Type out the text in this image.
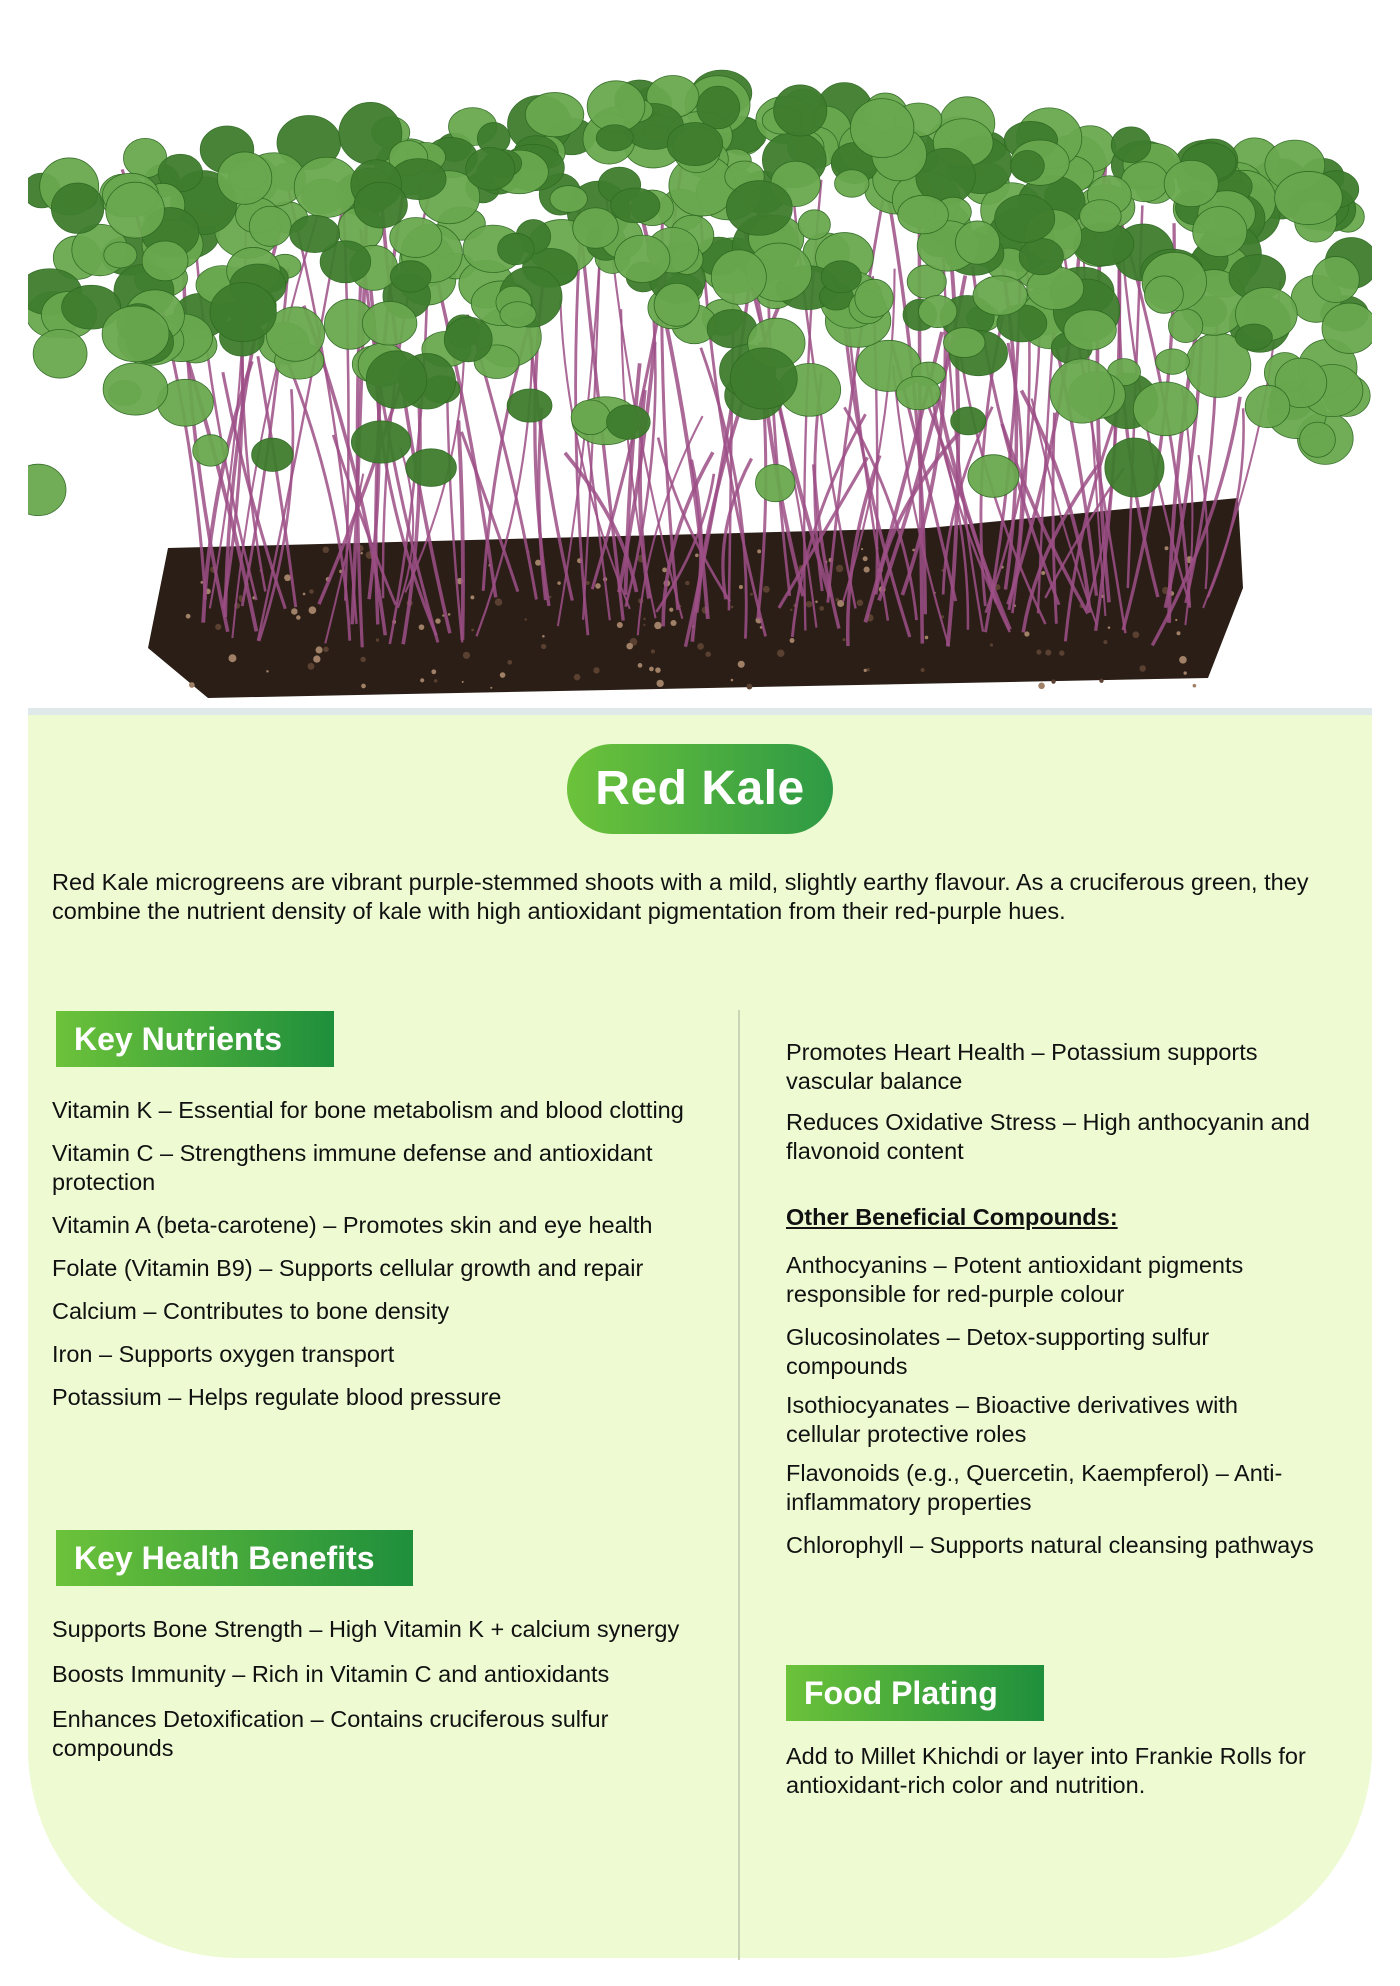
Red Kale

Red Kale microgreens are vibrant purple-stemmed shoots with a mild, slightly earthy flavour. As a cruciferous green, they combine the nutrient density of kale with high antioxidant pigmentation from their red-purple hues.

Key Nutrients
Vitamin K – Essential for bone metabolism and blood clotting
Vitamin C – Strengthens immune defense and antioxidant protection
Vitamin A (beta-carotene) – Promotes skin and eye health
Folate (Vitamin B9) – Supports cellular growth and repair
Calcium – Contributes to bone density
Iron – Supports oxygen transport
Potassium – Helps regulate blood pressure
Key Health Benefits
Supports Bone Strength – High Vitamin K + calcium synergy
Boosts Immunity – Rich in Vitamin C and antioxidants
Enhances Detoxification – Contains cruciferous sulfur compounds
Promotes Heart Health – Potassium supports vascular balance
Reduces Oxidative Stress – High anthocyanin and flavonoid content
Other Beneficial Compounds:
Anthocyanins – Potent antioxidant pigments responsible for red-purple colour
Glucosinolates – Detox-supporting sulfur compounds
Isothiocyanates – Bioactive derivatives with cellular protective roles
Flavonoids (e.g., Quercetin, Kaempferol) – Anti-inflammatory properties
Chlorophyll – Supports natural cleansing pathways
Food Plating

Add to Millet Khichdi or layer into Frankie Rolls for antioxidant-rich color and nutrition.
